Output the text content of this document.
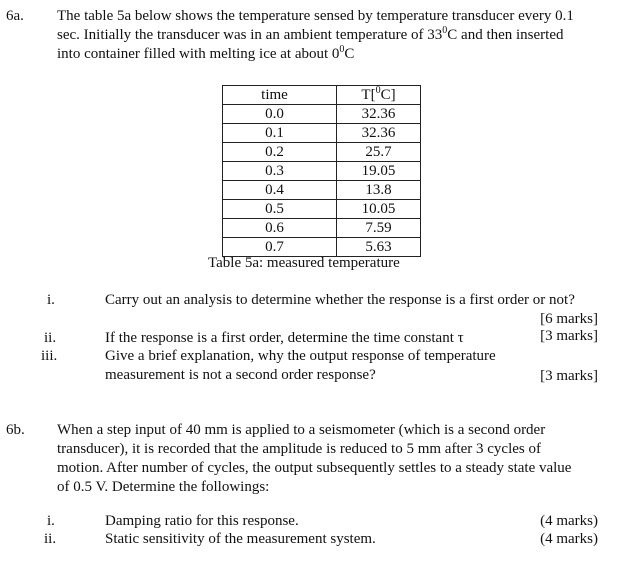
6a. The table 5a below shows the temperature sensed by temperature transducer every 0.1
sec. Initially the transducer was in an ambient temperature of $33^0C$ and then inserted
into container filled with melting ice at about $0^0C$
time	T[$^0$C]
0.0	32.36
0.1	32.36
0.2	25.7
0.3	19.05
0.4	13.8
0.5	10.05
0.6	7.59
0.7	5.63
Table 5a: measured temperature
i.	Carry out an analysis to determine whether the response is a first order or not?
[6 marks]
ii.	If the response is a first order, determine the time constant τ	[3 marks]
iii.	Give a brief explanation, why the output response of temperature
measurement is not a second order response?	[3 marks]
6b. When a step input of 40 mm is applied to a seismometer (which is a second order
transducer), it is recorded that the amplitude is reduced to 5 mm after 3 cycles of
motion. After number of cycles, the output subsequently settles to a steady state value
of 0.5 V. Determine the followings:
i.	Damping ratio for this response.	(4 marks)
ii.	Static sensitivity of the measurement system.	(4 marks)
